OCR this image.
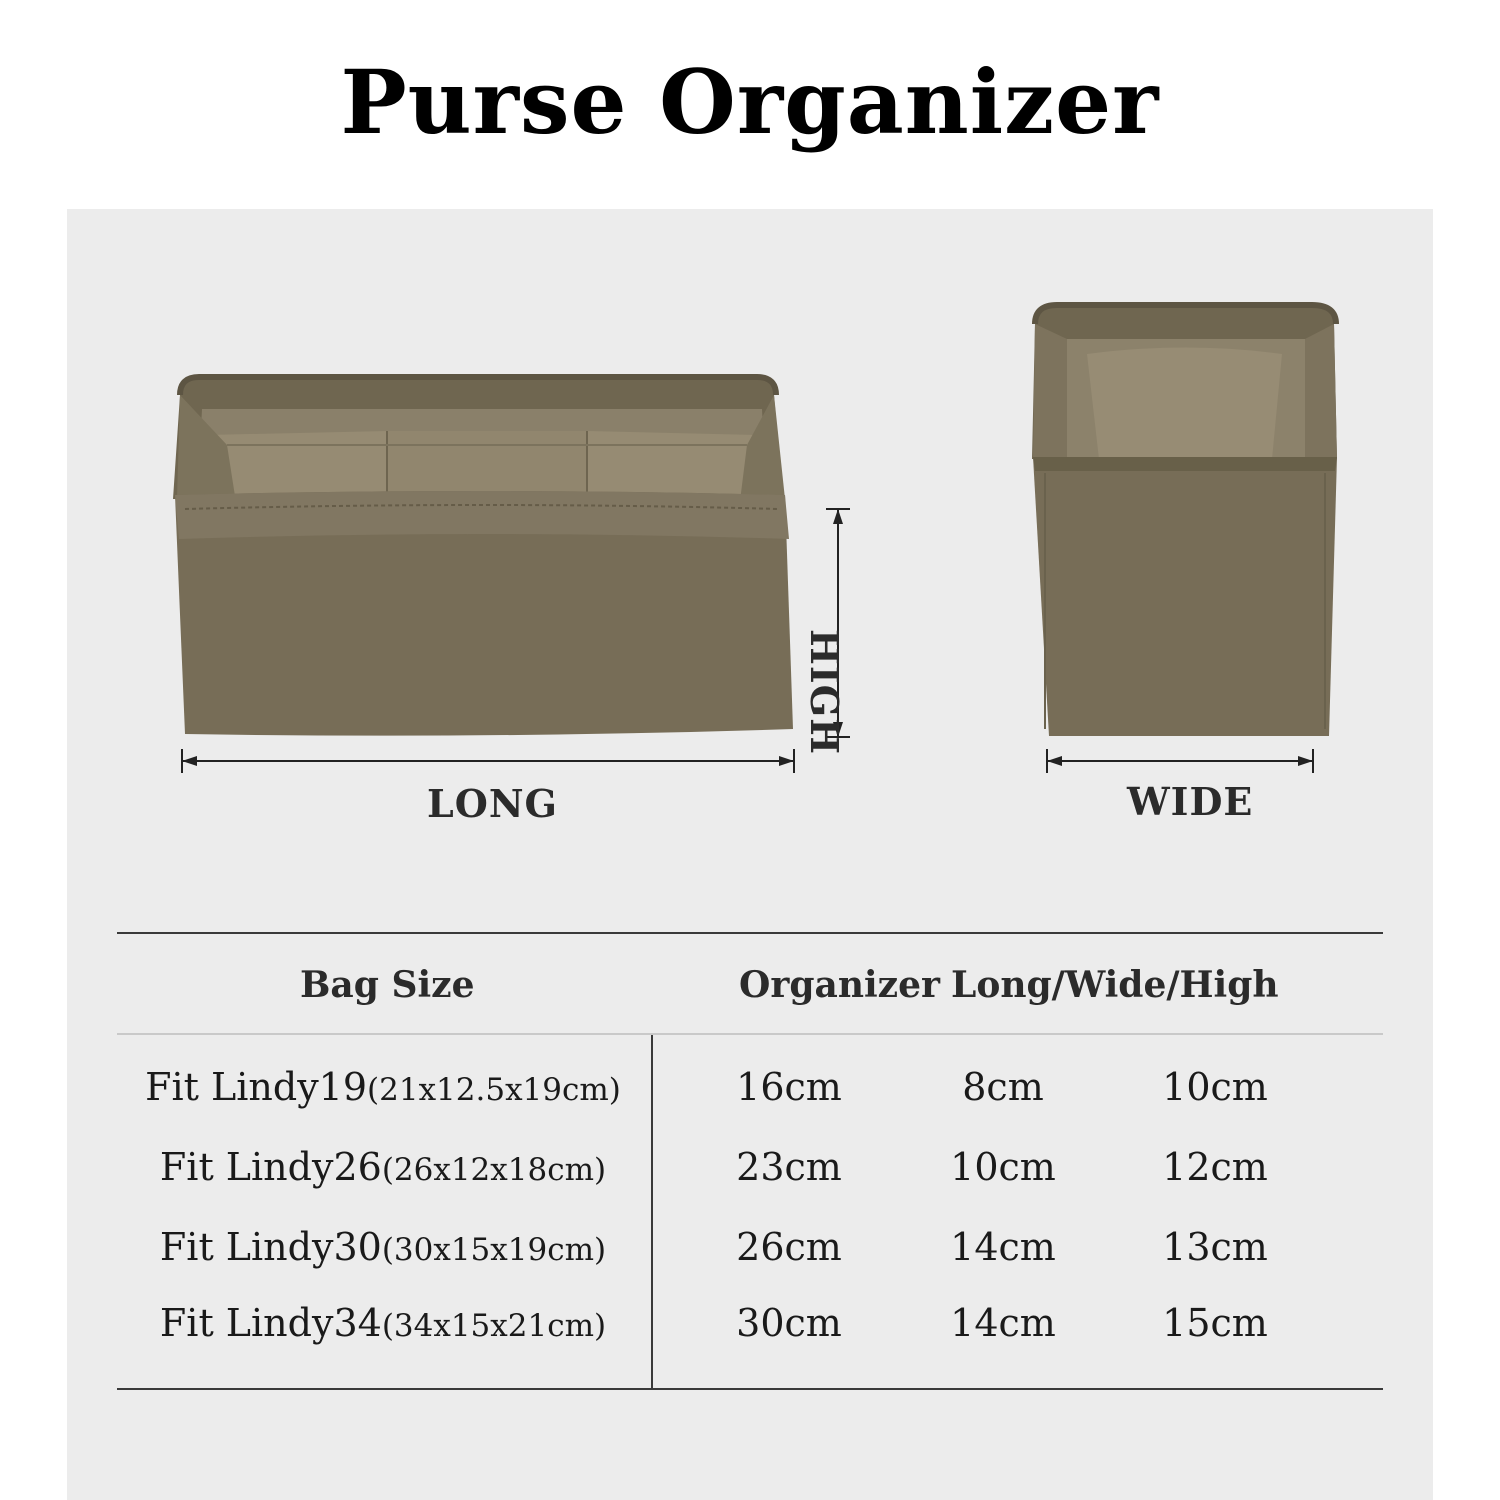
Purse Organizer
LONG
HIGH
WIDE
Bag Size	Organizer Long/Wide/High
Fit Lindy19(21x12.5x19cm)	16cm	8cm	10cm
Fit Lindy26(26x12x18cm)	23cm	10cm	12cm
Fit Lindy30(30x15x19cm)	26cm	14cm	13cm
Fit Lindy34(34x15x21cm)	30cm	14cm	15cm
